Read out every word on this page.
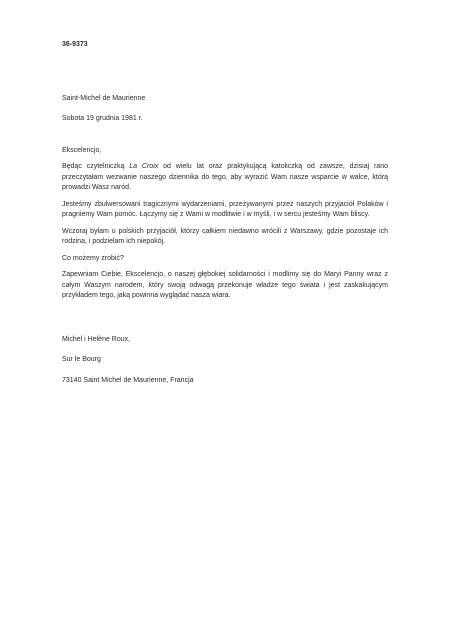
36-9373
Saint-Michel de Maurienne
Sobota 19 grudnia 1981 r.
Ekscelencjo,

Będąc czytelniczką La Croix od wielu lat oraz praktykującą katoliczką od zawsze, dzisiaj rano przeczytałam wezwanie naszego dziennika do tego, aby wyrazić Wam nasze wsparcie w walce, którą prowadzi Wasz naród.

Jesteśmy zbulwersowani tragicznymi wydarzeniami, przeżywanymi przez naszych przyjaciół Polaków i pragniemy Wam pomóc. Łączymy się z Wami w modlitwie i w myśli, i w sercu jesteśmy Wam bliscy.

Wczoraj byłam u polskich przyjaciół, którzy całkiem niedawno wrócili z Warszawy, gdzie pozostaje ich rodzina, i podzielam ich niepokój.

Co możemy zrobić?

Zapewniam Ciebie, Ekscelencjo, o naszej głębokiej solidarności i modlimy się do Maryi Panny wraz z całym Waszym narodem, który swoją odwagą przekonuje władze tego świata i jest zaskakującym przykładem tego, jaką powinna wyglądać nasza wiara.

Michel i Helène Roux,
Sur le Bourg
73140 Saint Michel de Maurienne, Francja
